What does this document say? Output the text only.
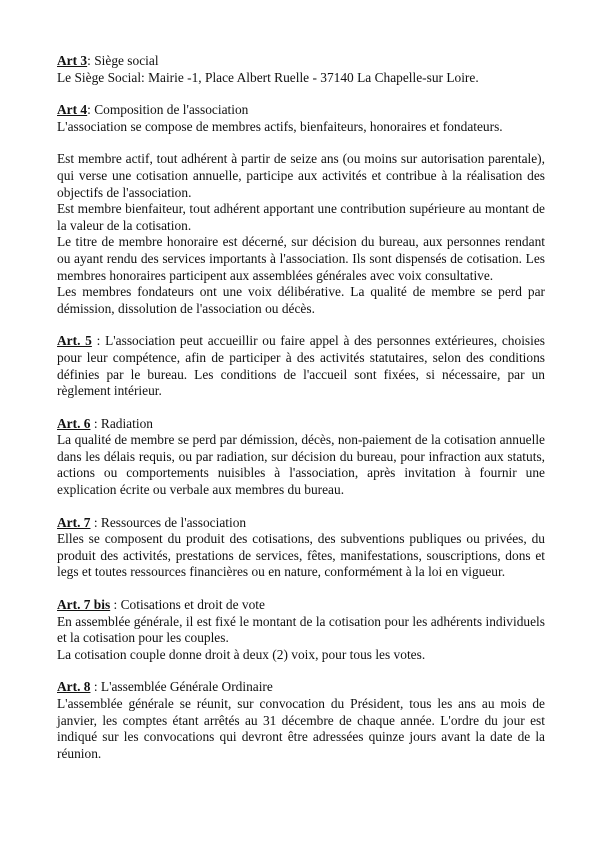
Art 3: Siège social

Le Siège Social: Mairie -1, Place Albert Ruelle - 37140 La Chapelle-sur Loire.

Art 4: Composition de l'association

L'association se compose de membres actifs, bienfaiteurs, honoraires et fondateurs.

Est membre actif, tout adhérent à partir de seize ans (ou moins sur autorisation parentale), qui verse une cotisation annuelle, participe aux activités et contribue à la réalisation des objectifs de l'association.

Est membre bienfaiteur, tout adhérent apportant une contribution supérieure au montant de la valeur de la cotisation.

Le titre de membre honoraire est décerné, sur décision du bureau, aux personnes rendant ou ayant rendu des services importants à l'association. Ils sont dispensés de cotisation. Les membres honoraires participent aux assemblées générales avec voix consultative.

Les membres fondateurs ont une voix délibérative. La qualité de membre se perd par démission, dissolution de l'association ou décès.

Art. 5 : L'association peut accueillir ou faire appel à des personnes extérieures, choisies pour leur compétence, afin de participer à des activités statutaires, selon des conditions définies par le bureau. Les conditions de l'accueil sont fixées, si nécessaire, par un règlement intérieur.

Art. 6 : Radiation

La qualité de membre se perd par démission, décès, non-paiement de la cotisation annuelle dans les délais requis, ou par radiation, sur décision du bureau, pour infraction aux statuts, actions ou comportements nuisibles à l'association, après invitation à fournir une explication écrite ou verbale aux membres du bureau.

Art. 7 : Ressources de l'association

Elles se composent du produit des cotisations, des subventions publiques ou privées, du produit des activités, prestations de services, fêtes, manifestations, souscriptions, dons et legs et toutes ressources financières ou en nature, conformément à la loi en vigueur.

Art. 7 bis : Cotisations et droit de vote

En assemblée générale, il est fixé le montant de la cotisation pour les adhérents individuels et la cotisation pour les couples.

La cotisation couple donne droit à deux (2) voix, pour tous les votes.

Art. 8 : L'assemblée Générale Ordinaire

L'assemblée générale se réunit, sur convocation du Président, tous les ans au mois de janvier, les comptes étant arrêtés au 31 décembre de chaque année. L'ordre du jour est indiqué sur les convocations qui devront être adressées quinze jours avant la date de la réunion.
